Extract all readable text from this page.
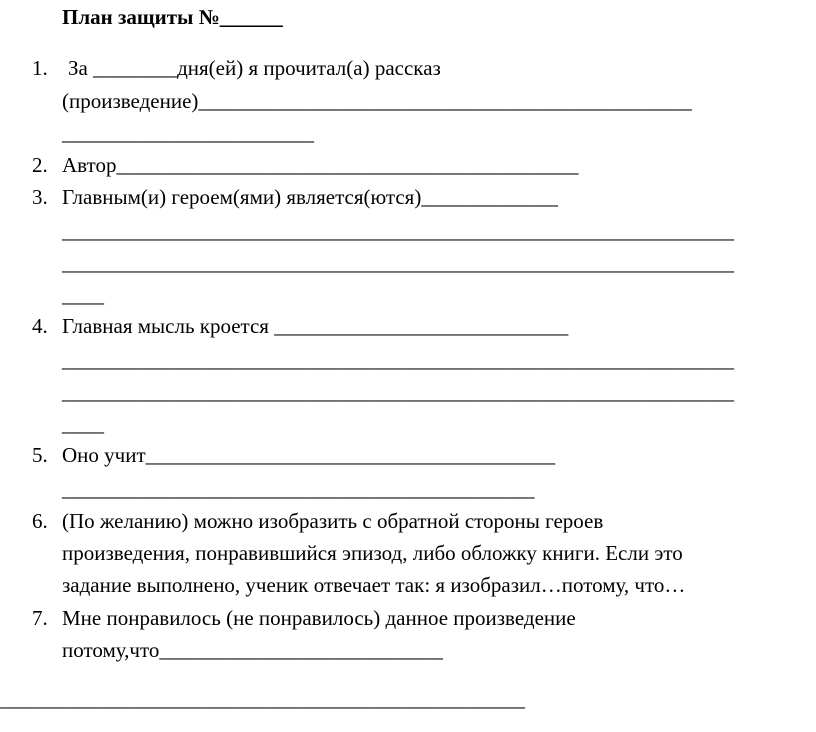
План защиты №______
1. За ________дня(ей) я прочитал(а) рассказ
(произведение)_______________________________________________
________________________
2. Автор____________________________________________
3. Главным(и) героем(ями) является(ются)_____________
________________________________________________________________
________________________________________________________________
____
4. Главная мысль кроется ____________________________
________________________________________________________________
________________________________________________________________
____
5. Оно учит_______________________________________
_____________________________________________
6. (По желанию) можно изобразить с обратной стороны героев
произведения, понравившийся эпизод, либо обложку книги. Если это
задание выполнено, ученик отвечает так: я изобразил…потому, что…
7. Мне понравилось (не понравилось) данное произведение
потому,что___________________________
__________________________________________________
